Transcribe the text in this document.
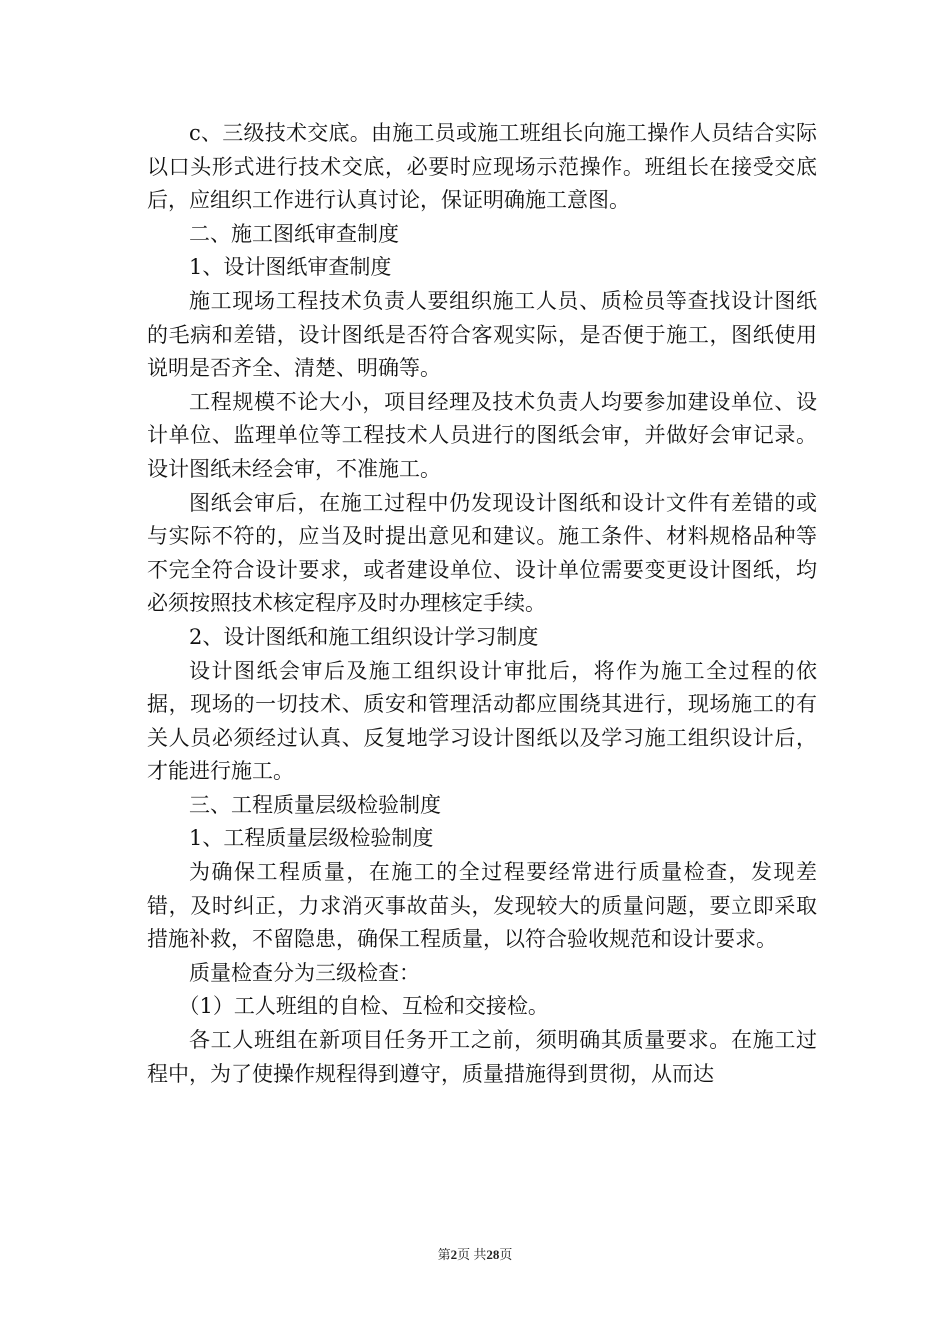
c、三级技术交底。由施工员或施工班组长向施工操作人员结合实际以口头形式进行技术交底，必要时应现场示范操作。班组长在接受交底后，应组织工作进行认真讨论，保证明确施工意图。

二、施工图纸审查制度

1、设计图纸审查制度

施工现场工程技术负责人要组织施工人员、质检员等查找设计图纸的毛病和差错，设计图纸是否符合客观实际，是否便于施工，图纸使用说明是否齐全、清楚、明确等。

工程规模不论大小，项目经理及技术负责人均要参加建设单位、设计单位、监理单位等工程技术人员进行的图纸会审，并做好会审记录。设计图纸未经会审，不准施工。

图纸会审后，在施工过程中仍发现设计图纸和设计文件有差错的或与实际不符的，应当及时提出意见和建议。施工条件、材料规格品种等不完全符合设计要求，或者建设单位、设计单位需要变更设计图纸，均必须按照技术核定程序及时办理核定手续。

2、设计图纸和施工组织设计学习制度

设计图纸会审后及施工组织设计审批后，将作为施工全过程的依据，现场的一切技术、质安和管理活动都应围绕其进行，现场施工的有关人员必须经过认真、反复地学习设计图纸以及学习施工组织设计后，才能进行施工。

三、工程质量层级检验制度

1、工程质量层级检验制度

为确保工程质量，在施工的全过程要经常进行质量检查，发现差错，及时纠正，力求消灭事故苗头，发现较大的质量问题，要立即采取措施补救，不留隐患，确保工程质量，以符合验收规范和设计要求。

质量检查分为三级检查：

（1）工人班组的自检、互检和交接检。

各工人班组在新项目任务开工之前，须明确其质量要求。在施工过程中，为了使操作规程得到遵守，质量措施得到贯彻，从而达

第2页 共28页
